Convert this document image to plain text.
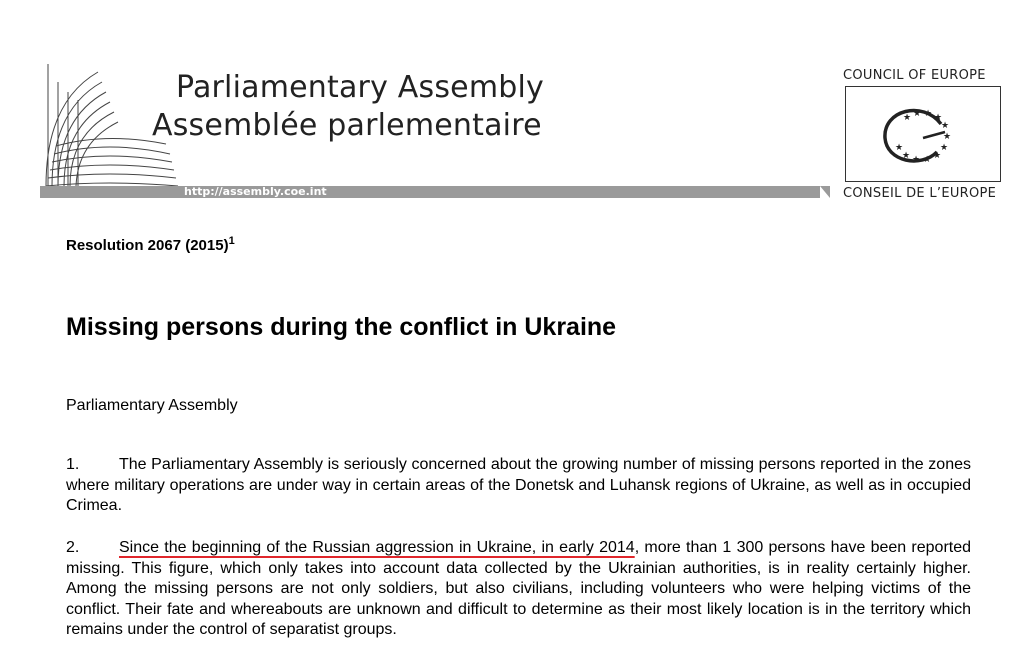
Parliamentary Assembly
Assemblée parlementaire
http://assembly.coe.int
COUNCIL OF EUROPE
★ ★ ★ ★
★
★
★
★
★
★
★
★
CONSEIL DE L’EUROPE
Resolution 2067 $(2015)^1$
Missing persons during the conflict in Ukraine
Parliamentary Assembly
1. The Parliamentary Assembly is seriously concerned about the growing number of missing persons reported in the zones where military operations are under way in certain areas of the Donetsk and Luhansk regions of Ukraine, as well as in occupied Crimea.
2. Since the beginning of the Russian aggression in Ukraine, in early 2014, more than 1 300 persons have been reported missing. This figure, which only takes into account data collected by the Ukrainian authorities, is in reality certainly higher. Among the missing persons are not only soldiers, but also civilians, including volunteers who were helping victims of the conflict. Their fate and whereabouts are unknown and difficult to determine as their most likely location is in the territory which remains under the control of separatist groups.
